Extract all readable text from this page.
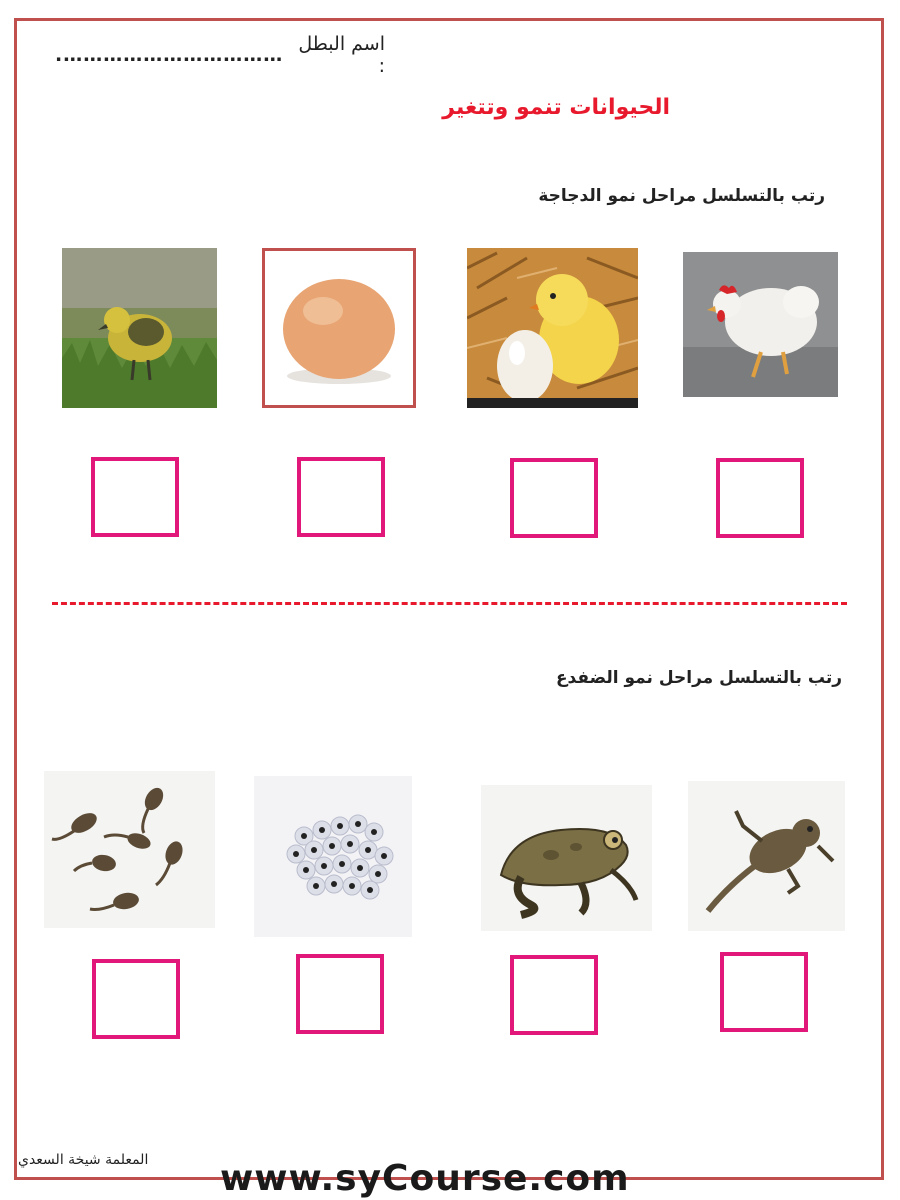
اسم البطل :
…………………………….
الحيوانات تنمو وتتغير
رتب بالتسلسل مراحل نمو الدجاجة
رتب بالتسلسل مراحل نمو الضفدع
المعلمة شيخة السعدي www.syCourse.com
